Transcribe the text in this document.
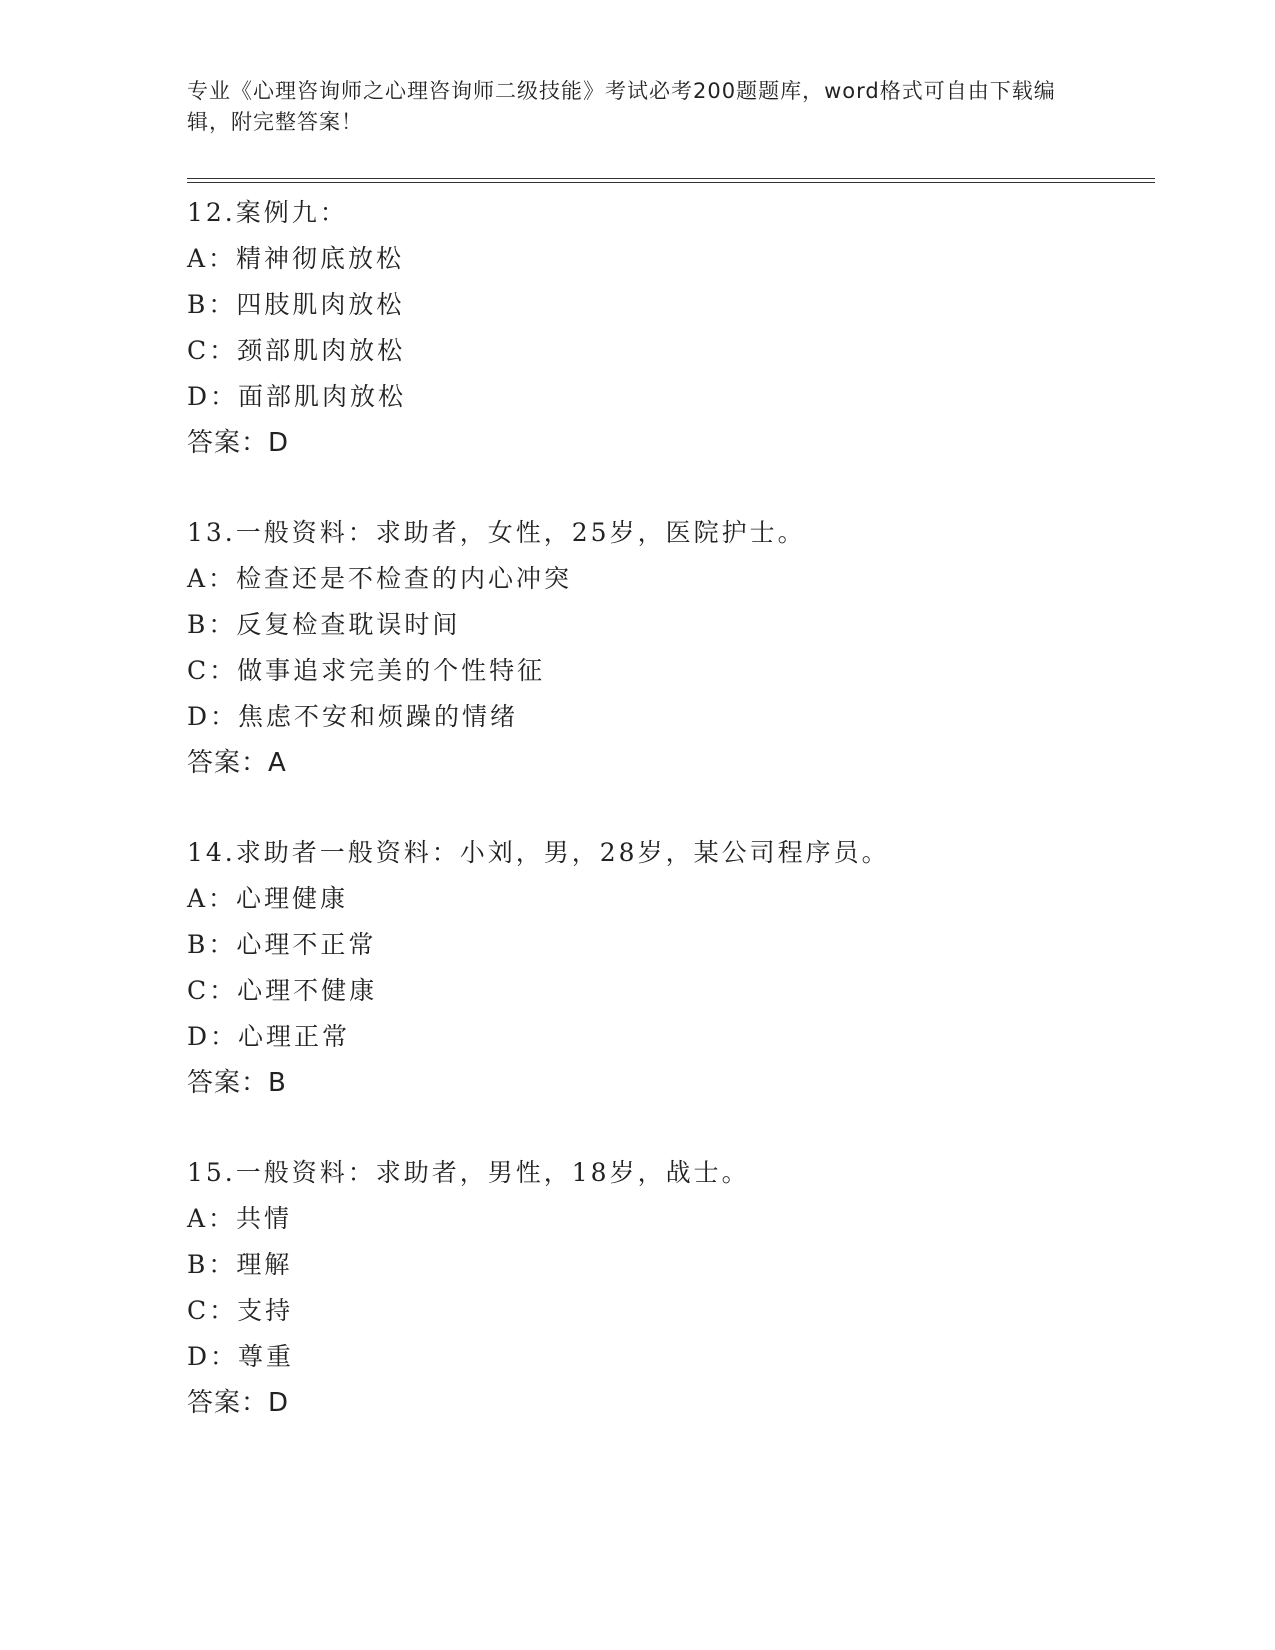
专业《心理咨询师之心理咨询师二级技能》考试必考200题题库，word格式可自由下载编辑，附完整答案！
12.案例九：
A：精神彻底放松
B：四肢肌肉放松
C：颈部肌肉放松
D：面部肌肉放松
答案：D
13.一般资料：求助者，女性，25岁，医院护士。
A：检查还是不检查的内心冲突
B：反复检查耽误时间
C：做事追求完美的个性特征
D：焦虑不安和烦躁的情绪
答案：A
14.求助者一般资料：小刘，男，28岁，某公司程序员。
A：心理健康
B：心理不正常
C：心理不健康
D：心理正常
答案：B
15.一般资料：求助者，男性，18岁，战士。
A：共情
B：理解
C：支持
D：尊重
答案：D
